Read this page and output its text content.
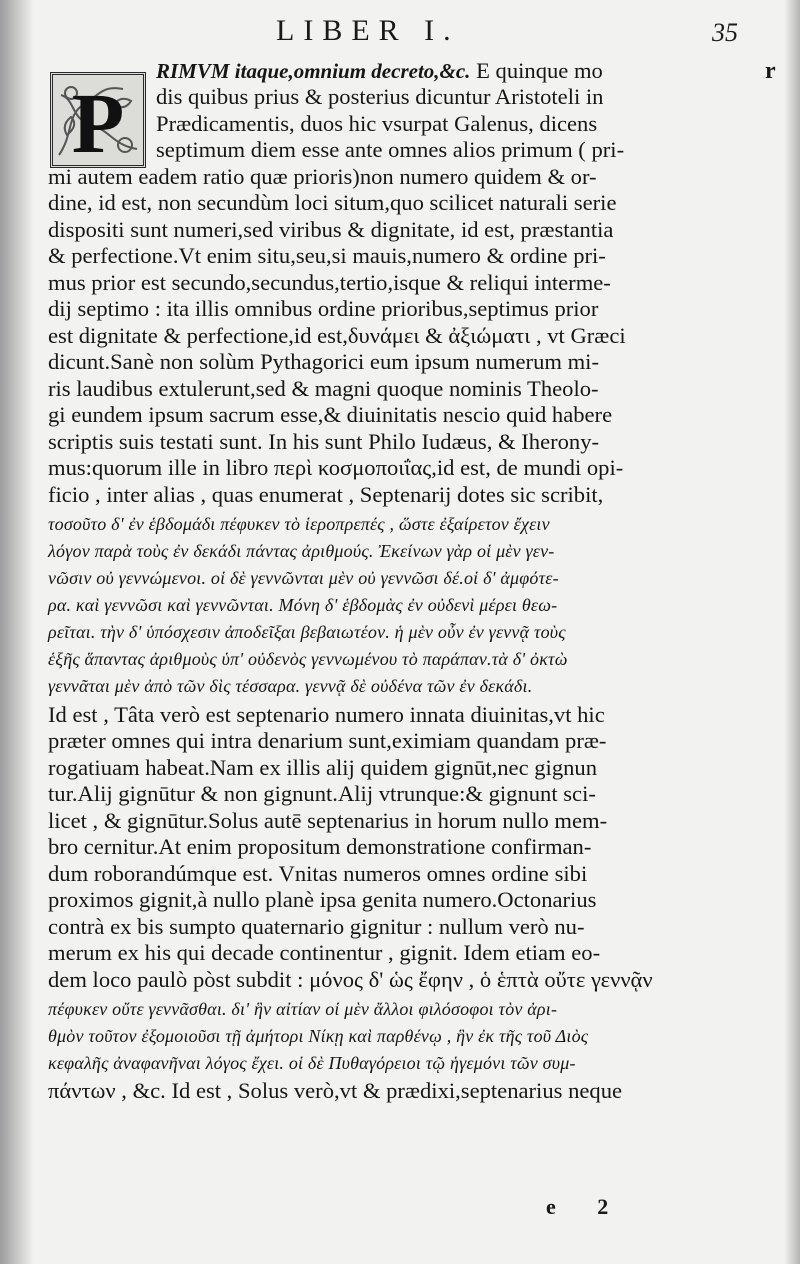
LIBER I.	35
r
P
RIMVM itaque,omnium decreto,&c. E quinque mo
dis quibus prius & posterius dicuntur Aristoteli in
Prædicamentis, duos hic vsurpat Galenus, dicens
septimum diem esse ante omnes alios primum ( pri-
mi autem eadem ratio quæ prioris)non numero quidem & or-
dine, id est, non secundùm loci situm,quo scilicet naturali serie
dispositi sunt numeri,sed viribus & dignitate, id est, præstantia
& perfectione.Vt enim situ,seu,si mauis,numero & ordine pri-
mus prior est secundo,secundus,tertio,isque & reliqui interme-
dij septimo : ita illis omnibus ordine prioribus,septimus prior
est dignitate & perfectione,id est,δυνάμει & ἀξιώματι , vt Græci
dicunt.Sanè non solùm Pythagorici eum ipsum numerum mi-
ris laudibus extulerunt,sed & magni quoque nominis Theolo-
gi eundem ipsum sacrum esse,& diuinitatis nescio quid habere
scriptis suis testati sunt. In his sunt Philo Iudæus, & Iherony-
mus:quorum ille in libro περὶ κοσμοποιΐας,id est, de mundi opi-
ficio , inter alias , quas enumerat , Septenarij dotes sic scribit,
τοσοῦτο δ' ἐν ἑβδομάδι πέφυκεν τὸ ἱεροπρεπές , ὥστε ἐξαίρετον ἔχειν
λόγον παρὰ τοὺς ἐν δεκάδι πάντας ἀριθμούς. Ἐκείνων γὰρ οἱ μὲν γεν-
νῶσιν οὐ γεννώμενοι. οἱ δὲ γεννῶνται μὲν οὐ γεννῶσι δέ.οἱ δ' ἀμφότε-
ρα. καὶ γεννῶσι καὶ γεννῶνται. Μόνη δ' ἑβδομὰς ἐν οὐδενὶ μέρει θεω-
ρεῖται. τὴν δ' ὑπόσχεσιν ἀποδεῖξαι βεβαιωτέον. ἡ μὲν οὖν ἐν γεννᾷ τοὺς
ἑξῆς ἅπαντας ἀριθμοὺς ὑπ' οὐδενὸς γεννωμένου τὸ παράπαν.τὰ δ' ὀκτὼ
γεννᾶται μὲν ἀπὸ τῶν δὶς τέσσαρα. γεννᾷ δὲ οὐδένα τῶν ἐν δεκάδι.
Id est , Tâta verò est septenario numero innata diuinitas,vt hic
præter omnes qui intra denarium sunt,eximiam quandam præ-
rogatiuam habeat.Nam ex illis alij quidem gignūt,nec gignun
tur.Alij gignūtur & non gignunt.Alij vtrunque:& gignunt sci-
licet , & gignūtur.Solus autē septenarius in horum nullo mem-
bro cernitur.At enim propositum demonstratione confirman-
dum roborandúmque est. Vnitas numeros omnes ordine sibi
proximos gignit,à nullo planè ipsa genita numero.Octonarius
contrà ex bis sumpto quaternario gignitur : nullum verò nu-
merum ex his qui decade continentur , gignit. Idem etiam eo-
dem loco paulò pòst subdit : μόνος δ' ὡς ἔφην , ὁ ἑπτὰ οὔτε γεννᾷν
πέφυκεν οὔτε γεννᾶσθαι. δι' ἣν αἰτίαν οἱ μὲν ἄλλοι φιλόσοφοι τὸν ἀρι-
θμὸν τοῦτον ἐξομοιοῦσι τῇ ἀμήτορι Νίκῃ καὶ παρθένῳ , ἣν ἐκ τῆς τοῦ Διὸς
κεφαλῆς ἀναφανῆναι λόγος ἔχει. οἱ δὲ Πυθαγόρειοι τῷ ἡγεμόνι τῶν συμ-
πάντων , &c. Id est , Solus verò,vt & prædixi,septenarius neque
e 2
